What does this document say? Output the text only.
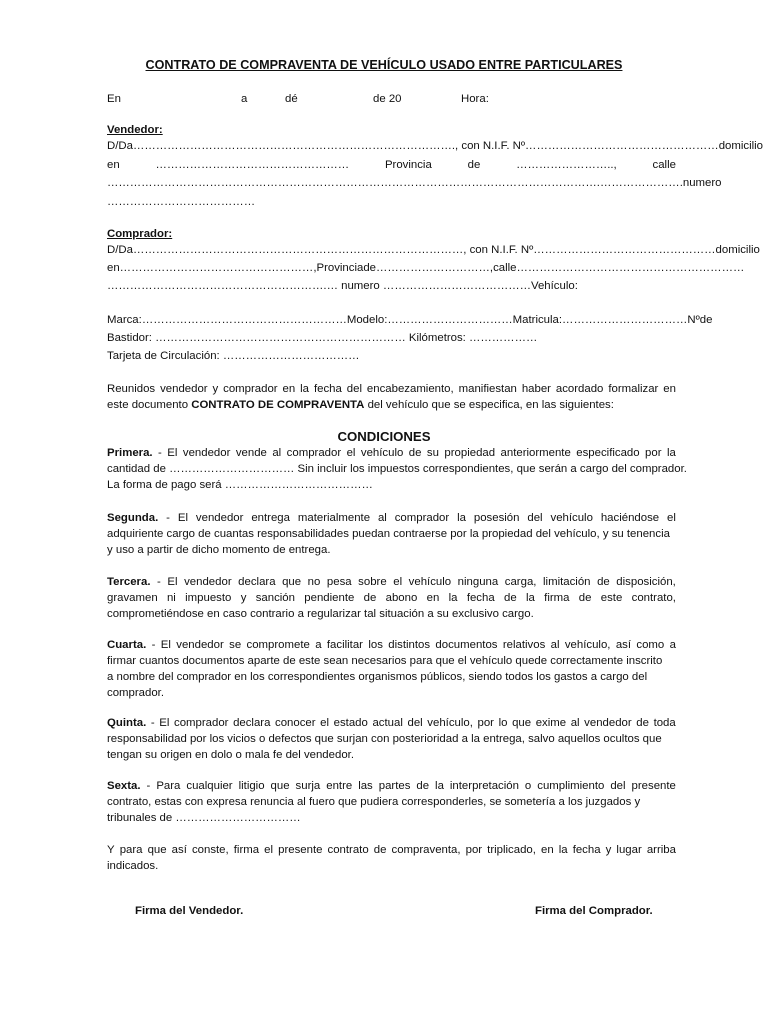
CONTRATO DE COMPRAVENTA DE VEHÍCULO USADO ENTRE PARTICULARES
En	a	dé	de 20	Hora:
Vendedor:
D/Da…………………………………………………………………………., con N.I.F. Nº …………………………………………… domicilio
en	……………………………………………	Provincia	de	……………………..,	calle
……………………………………………………………… ………………………………………………….…………………. numero
…………………………………
Comprador:
D/Da……………………………………………………………………………, con N.I.F. Nº ………………………………………… domicilio
en ……………………………………………, Provincia de …………………………, calle ……………………………………………………
………………………………………………….… numero …………………………………Vehículo:
Marca: ……………………………………………… Modelo: …………………………… Matricula: …………………………… Nº de
Bastidor: ………………………………………………………… Kilómetros: ………………
Tarjeta de Circulación: ………………………………
Reunidos vendedor y comprador en la fecha del encabezamiento, manifiestan haber acordado formalizar en
este documento CONTRATO DE COMPRAVENTA del vehículo que se especifica, en las siguientes:
CONDICIONES
Primera. - El vendedor vende al comprador el vehículo de su propiedad anteriormente especificado por la
cantidad de …………………………… Sin incluir los impuestos correspondientes, que serán a cargo del comprador.
La forma de pago será …………………………………
Segunda. - El vendedor entrega materialmente al comprador la posesión del vehículo haciéndose el
adquiriente cargo de cuantas responsabilidades puedan contraerse por la propiedad del vehículo, y su tenencia
y uso a partir de dicho momento de entrega.
Tercera. - El vendedor declara que no pesa sobre el vehículo ninguna carga, limitación de disposición,
gravamen ni impuesto y sanción pendiente de abono en la fecha de la firma de este contrato,
comprometiéndose en caso contrario a regularizar tal situación a su exclusivo cargo.
Cuarta. - El vendedor se compromete a facilitar los distintos documentos relativos al vehículo, así como a
firmar cuantos documentos aparte de este sean necesarios para que el vehículo quede correctamente inscrito
a nombre del comprador en los correspondientes organismos públicos, siendo todos los gastos a cargo del
comprador.
Quinta. - El comprador declara conocer el estado actual del vehículo, por lo que exime al vendedor de toda
responsabilidad por los vicios o defectos que surjan con posterioridad a la entrega, salvo aquellos ocultos que
tengan su origen en dolo o mala fe del vendedor.
Sexta. - Para cualquier litigio que surja entre las partes de la interpretación o cumplimiento del presente
contrato, estas con expresa renuncia al fuero que pudiera corresponderles, se sometería a los juzgados y
tribunales de ……………………………
Y para que así conste, firma el presente contrato de compraventa, por triplicado, en la fecha y lugar arriba
indicados.
Firma del Vendedor.	Firma del Comprador.
